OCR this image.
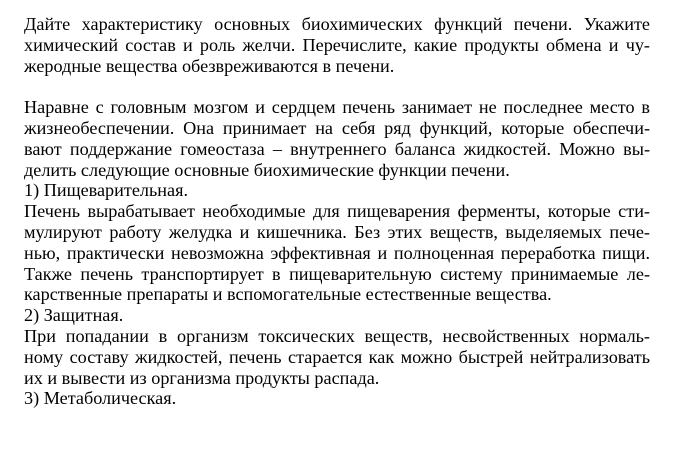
Дайте характеристику основных биохимических функций печени. Укажите
химический состав и роль желчи. Перечислите, какие продукты обмена и чу-
жеродные вещества обезвреживаются в печени.
Наравне с головным мозгом и сердцем печень занимает не последнее место в
жизнеобеспечении. Она принимает на себя ряд функций, которые обеспечи-
вают поддержание гомеостаза – внутреннего баланса жидкостей. Можно вы-
делить следующие основные биохимические функции печени.
1) Пищеварительная.
Печень вырабатывает необходимые для пищеварения ферменты, которые сти-
мулируют работу желудка и кишечника. Без этих веществ, выделяемых пече-
нью, практически невозможна эффективная и полноценная переработка пищи.
Также печень транспортирует в пищеварительную систему принимаемые ле-
карственные препараты и вспомогательные естественные вещества.
2) Защитная.
При попадании в организм токсических веществ, несвойственных нормаль-
ному составу жидкостей, печень старается как можно быстрей нейтрализовать
их и вывести из организма продукты распада.
3) Метаболическая.
